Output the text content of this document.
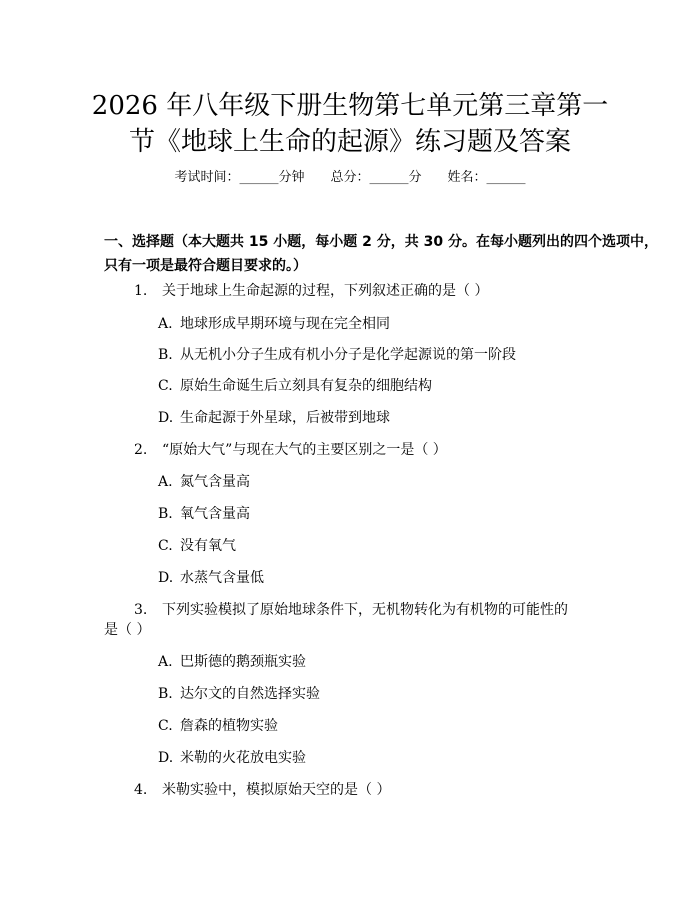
2026 年八年级下册生物第七单元第三章第一
节《地球上生命的起源》练习题及答案
考试时间：______分钟 总分：______分 姓名：______
一、选择题（本大题共 15 小题，每小题 2 分，共 30 分。在每小题列出的四个选项中，只有一项是最符合题目要求的。）
1. 关于地球上生命起源的过程，下列叙述正确的是（ ）
A. 地球形成早期环境与现在完全相同
B. 从无机小分子生成有机小分子是化学起源说的第一阶段
C. 原始生命诞生后立刻具有复杂的细胞结构
D. 生命起源于外星球，后被带到地球
2. “原始大气”与现在大气的主要区别之一是（ ）
A. 氮气含量高
B. 氧气含量高
C. 没有氧气
D. 水蒸气含量低
3. 下列实验模拟了原始地球条件下，无机物转化为有机物的可能性的是（ ）
A. 巴斯德的鹅颈瓶实验
B. 达尔文的自然选择实验
C. 詹森的植物实验
D. 米勒的火花放电实验
4. 米勒实验中，模拟原始天空的是（ ）
